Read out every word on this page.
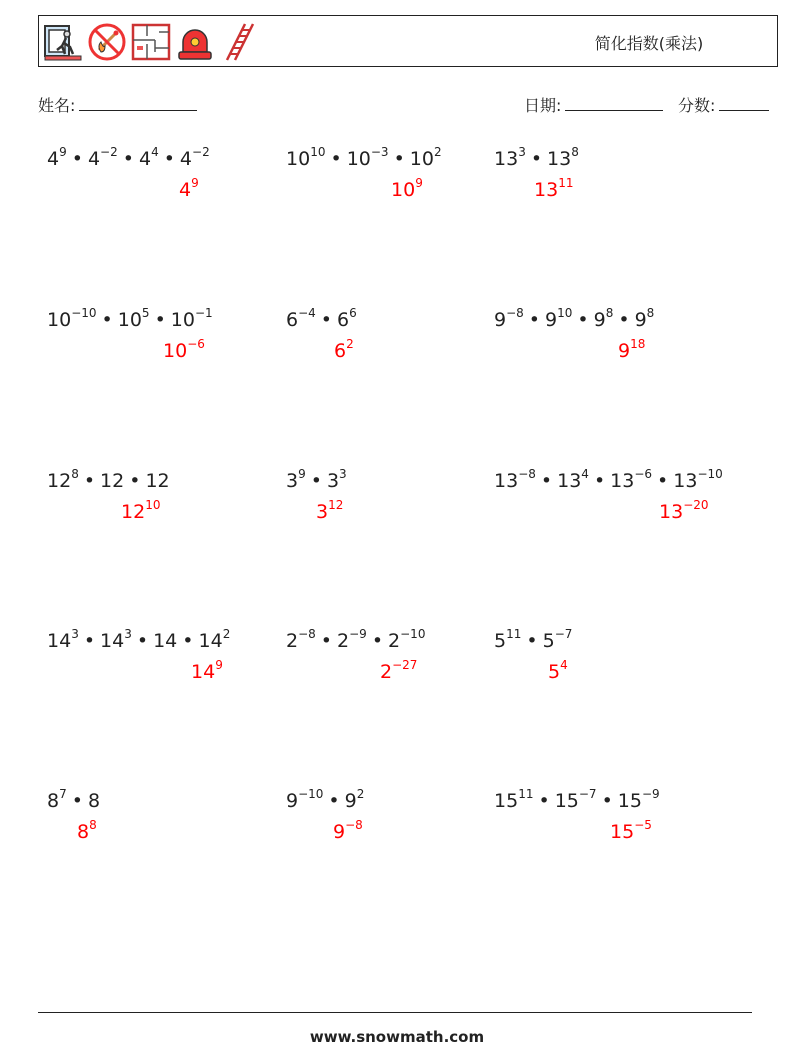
简化指数(乘法)
姓名:	日期:	分数:
$4^9$ • $4^{-2}$ • $4^4$ • $4^{-2}$
$4^9$
$10^{10}$ • $10^{-3}$ • $10^2$
$10^9$
$13^3$ • $13^8$
$13^{11}$
$10^{-10}$ • $10^5$ • $10^{-1}$
$10^{-6}$
$6^{-4}$ • $6^6$
$6^2$
$9^{-8}$ • $9^{10}$ • $9^8$ • $9^8$
$9^{18}$
$12^8$ • 12 • 12
$12^{10}$
$3^9$ • $3^3$
$3^{12}$
$13^{-8}$ • $13^4$ • $13^{-6}$ • $13^{-10}$
$13^{-20}$
$14^3$ • $14^3$ • 14 • $14^2$
$14^9$
$2^{-8}$ • $2^{-9}$ • $2^{-10}$
$2^{-27}$
$5^{11}$ • $5^{-7}$
$5^4$
$8^7$ • 8
$8^8$
$9^{-10}$ • $9^2$
$9^{-8}$
$15^{11}$ • $15^{-7}$ • $15^{-9}$
$15^{-5}$
www.snowmath.com
